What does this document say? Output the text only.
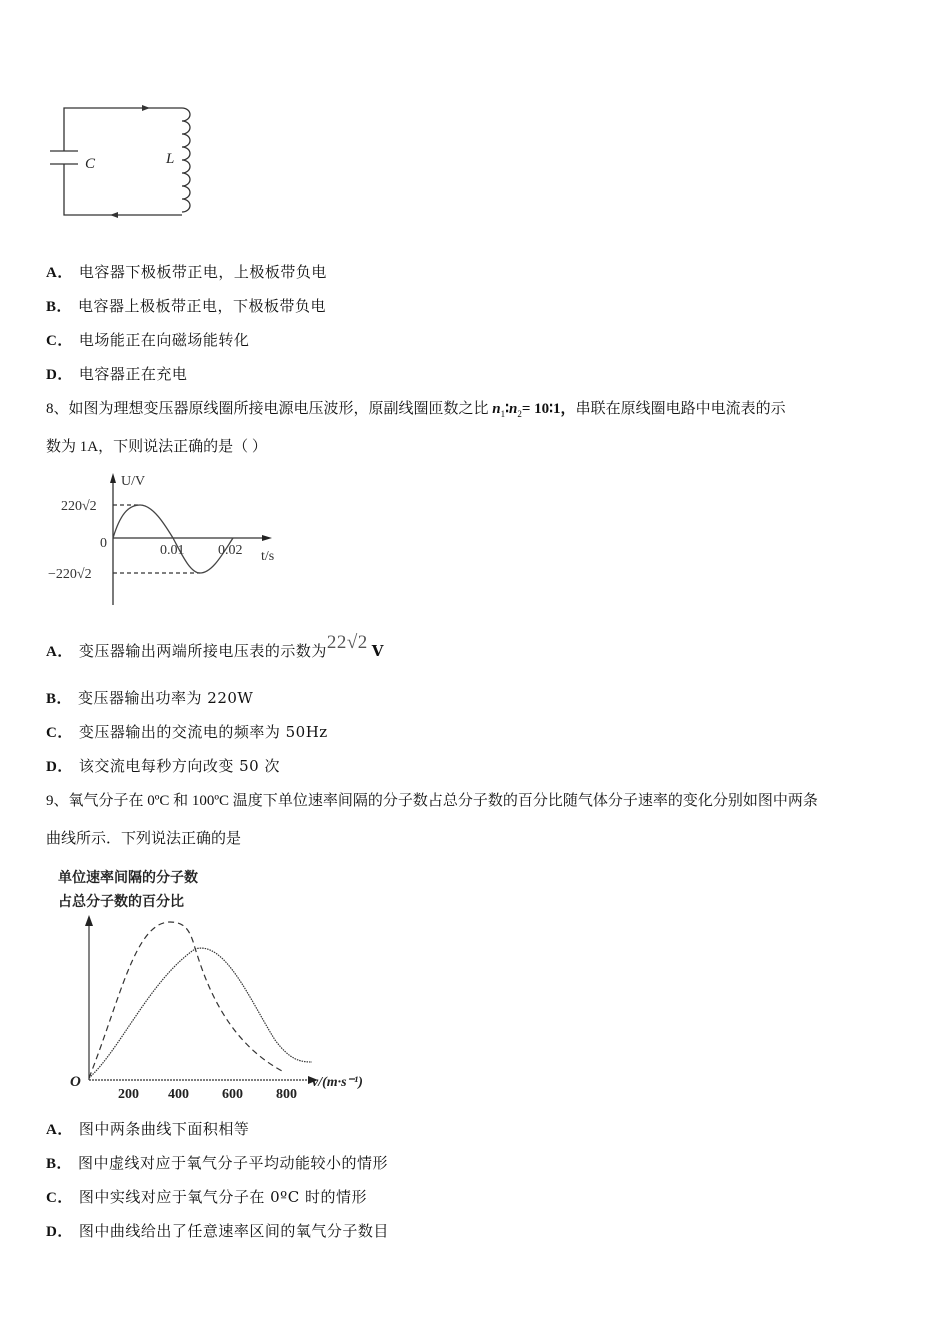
C	L
A． 电容器下极板带正电，上极板带负电
B． 电容器上极板带正电，下极板带负电
C． 电场能正在向磁场能转化
D． 电容器正在充电
8、如图为理想变压器原线圈所接电源电压波形，原副线圈匝数之比 $n_1∶n_2=$ 10∶1，串联在原线圈电路中电流表的示
数为 1A，下则说法正确的是（ ）
U/V
220√2
0
−220√2
0.01 0.02 t/s
A． 变压器输出两端所接电压表的示数为22√2 V
B． 变压器输出功率为 220W
C． 变压器输出的交流电的频率为 50Hz
D． 该交流电每秒方向改变 50 次
9、氧气分子在 0ºC 和 100ºC 温度下单位速率间隔的分子数占总分子数的百分比随气体分子速率的变化分别如图中两条
曲线所示．下列说法正确的是
单位速率间隔的分子数
占总分子数的百分比
O
200 400 600 800
v/(m·s⁻¹)
A． 图中两条曲线下面积相等
B． 图中虚线对应于氧气分子平均动能较小的情形
C． 图中实线对应于氧气分子在 0ºC 时的情形
D． 图中曲线给出了任意速率区间的氧气分子数目
